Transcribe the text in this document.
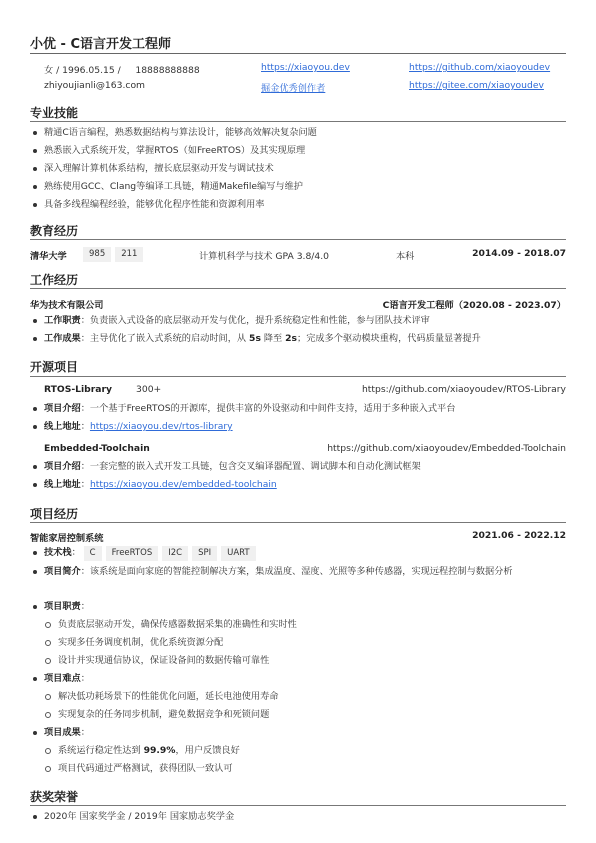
小优 - C语言开发工程师
女 / 1996.05.15 / 18888888888	https://xiaoyou.dev	https://github.com/xiaoyoudev
zhiyoujianli@163.com	掘金优秀创作者	https://gitee.com/xiaoyoudev
专业技能
精通C语言编程，熟悉数据结构与算法设计，能够高效解决复杂问题
熟悉嵌入式系统开发，掌握RTOS（如FreeRTOS）及其实现原理
深入理解计算机体系结构，擅长底层驱动开发与调试技术
熟练使用GCC、Clang等编译工具链，精通Makefile编写与维护
具备多线程编程经验，能够优化程序性能和资源利用率
教育经历
清华大学	985 211	计算机科学与技术 GPA 3.8/4.0	本科	2014.09 - 2018.07
工作经历
华为技术有限公司	C语言开发工程师（2020.08 - 2023.07）
工作职责：负责嵌入式设备的底层驱动开发与优化，提升系统稳定性和性能，参与团队技术评审
工作成果：主导优化了嵌入式系统的启动时间，从 5s 降至 2s；完成多个驱动模块重构，代码质量显著提升
开源项目
RTOS-Library	300+	https://github.com/xiaoyoudev/RTOS-Library
项目介绍：一个基于FreeRTOS的开源库，提供丰富的外设驱动和中间件支持，适用于多种嵌入式平台
线上地址：https://xiaoyou.dev/rtos-library
Embedded-Toolchain	https://github.com/xiaoyoudev/Embedded-Toolchain
项目介绍：一套完整的嵌入式开发工具链，包含交叉编译器配置、调试脚本和自动化测试框架
线上地址：https://xiaoyou.dev/embedded-toolchain
项目经历
智能家居控制系统	2021.06 - 2022.12
技术栈： C FreeRTOS I2C SPI UART
项目简介：该系统是面向家庭的智能控制解决方案，集成温度、湿度、光照等多种传感器，实现远程控制与数据分析
项目职责：
负责底层驱动开发，确保传感器数据采集的准确性和实时性
实现多任务调度机制，优化系统资源分配
设计并实现通信协议，保证设备间的数据传输可靠性
项目难点：
解决低功耗场景下的性能优化问题，延长电池使用寿命
实现复杂的任务同步机制，避免数据竞争和死锁问题
项目成果：
系统运行稳定性达到 99.9%，用户反馈良好
项目代码通过严格测试，获得团队一致认可
获奖荣誉
2020年 国家奖学金 / 2019年 国家励志奖学金
